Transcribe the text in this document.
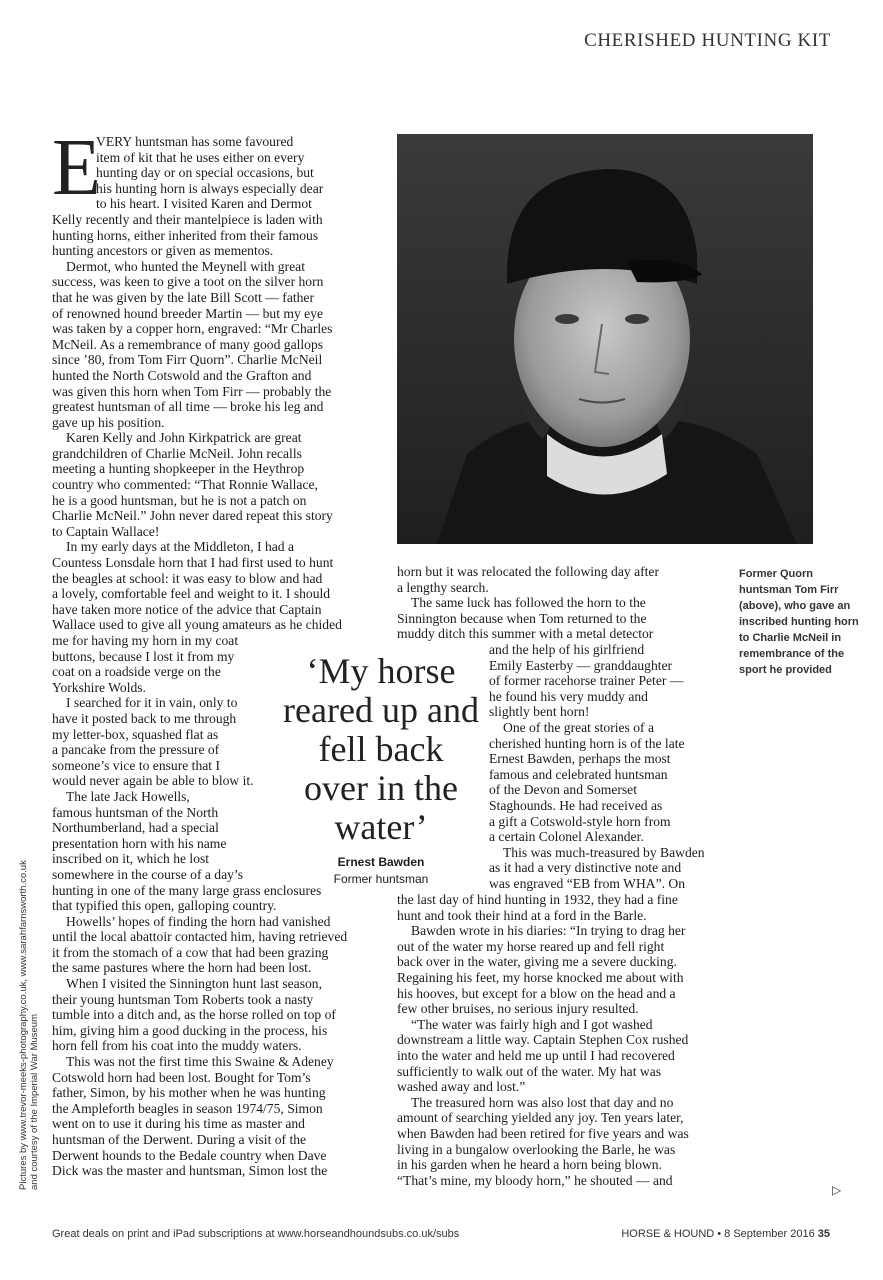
CHERISHED HUNTING KIT
E
VERY huntsman has some favoured
item of kit that he uses either on every
hunting day or on special occasions, but
his hunting horn is always especially dear
to his heart. I visited Karen and Dermot
Kelly recently and their mantelpiece is laden with
hunting horns, either inherited from their famous
hunting ancestors or given as mementos.
Dermot, who hunted the Meynell with great
success, was keen to give a toot on the silver horn
that he was given by the late Bill Scott — father
of renowned hound breeder Martin — but my eye
was taken by a copper horn, engraved: “Mr Charles
McNeil. As a remembrance of many good gallops
since ’80, from Tom Firr Quorn”. Charlie McNeil
hunted the North Cotswold and the Grafton and
was given this horn when Tom Firr — probably the
greatest huntsman of all time — broke his leg and
gave up his position.
Karen Kelly and John Kirkpatrick are great
grandchildren of Charlie McNeil. John recalls
meeting a hunting shopkeeper in the Heythrop
country who commented: “That Ronnie Wallace,
he is a good huntsman, but he is not a patch on
Charlie McNeil.” John never dared repeat this story
to Captain Wallace!
In my early days at the Middleton, I had a
Countess Lonsdale horn that I had first used to hunt
the beagles at school: it was easy to blow and had
a lovely, comfortable feel and weight to it. I should
have taken more notice of the advice that Captain
Wallace used to give all young amateurs as he chided
me for having my horn in my coat
buttons, because I lost it from my
coat on a roadside verge on the
Yorkshire Wolds.
I searched for it in vain, only to
have it posted back to me through
my letter-box, squashed flat as
a pancake from the pressure of
someone’s vice to ensure that I
would never again be able to blow it.
The late Jack Howells,
famous huntsman of the North
Northumberland, had a special
presentation horn with his name
inscribed on it, which he lost
somewhere in the course of a day’s
hunting in one of the many large grass enclosures
that typified this open, galloping country.
Howells’ hopes of finding the horn had vanished
until the local abattoir contacted him, having retrieved
it from the stomach of a cow that had been grazing
the same pastures where the horn had been lost.
When I visited the Sinnington hunt last season,
their young huntsman Tom Roberts took a nasty
tumble into a ditch and, as the horse rolled on top of
him, giving him a good ducking in the process, his
horn fell from his coat into the muddy waters.
This was not the first time this Swaine & Adeney
Cotswold horn had been lost. Bought for Tom’s
father, Simon, by his mother when he was hunting
the Ampleforth beagles in season 1974/75, Simon
went on to use it during his time as master and
huntsman of the Derwent. During a visit of the
Derwent hounds to the Bedale country when Dave
Dick was the master and huntsman, Simon lost the
horn but it was relocated the following day after
a lengthy search.
The same luck has followed the horn to the
Sinnington because when Tom returned to the
muddy ditch this summer with a metal detector
and the help of his girlfriend
Emily Easterby — granddaughter
of former racehorse trainer Peter —
he found his very muddy and
slightly bent horn!
One of the great stories of a
cherished hunting horn is of the late
Ernest Bawden, perhaps the most
famous and celebrated huntsman
of the Devon and Somerset
Staghounds. He had received as
a gift a Cotswold-style horn from
a certain Colonel Alexander.
This was much-treasured by Bawden
as it had a very distinctive note and
was engraved “EB from WHA”. On
the last day of hind hunting in 1932, they had a fine
hunt and took their hind at a ford in the Barle.
Bawden wrote in his diaries: “In trying to drag her
out of the water my horse reared up and fell right
back over in the water, giving me a severe ducking.
Regaining his feet, my horse knocked me about with
his hooves, but except for a blow on the head and a
few other bruises, no serious injury resulted.
“The water was fairly high and I got washed
downstream a little way. Captain Stephen Cox rushed
into the water and held me up until I had recovered
sufficiently to walk out of the water. My hat was
washed away and lost.”
The treasured horn was also lost that day and no
amount of searching yielded any joy. Ten years later,
when Bawden had been retired for five years and was
living in a bungalow overlooking the Barle, he was
in his garden when he heard a horn being blown.
“That’s mine, my bloody horn,” he shouted — and
‘My horse reared up and fell back over in the water’
Ernest Bawden
Former huntsman
Former Quorn huntsman Tom Firr (above), who gave an inscribed hunting horn to Charlie McNeil in remembrance of the sport he provided
Pictures by www.trevor-meeks-photography.co.uk, www.sarahfarnsworth.co.uk and courtesy of the Imperial War Museum	▷
Great deals on print and iPad subscriptions at www.horseandhoundsubs.co.uk/subs	HORSE & HOUND • 8 September 2016 35
